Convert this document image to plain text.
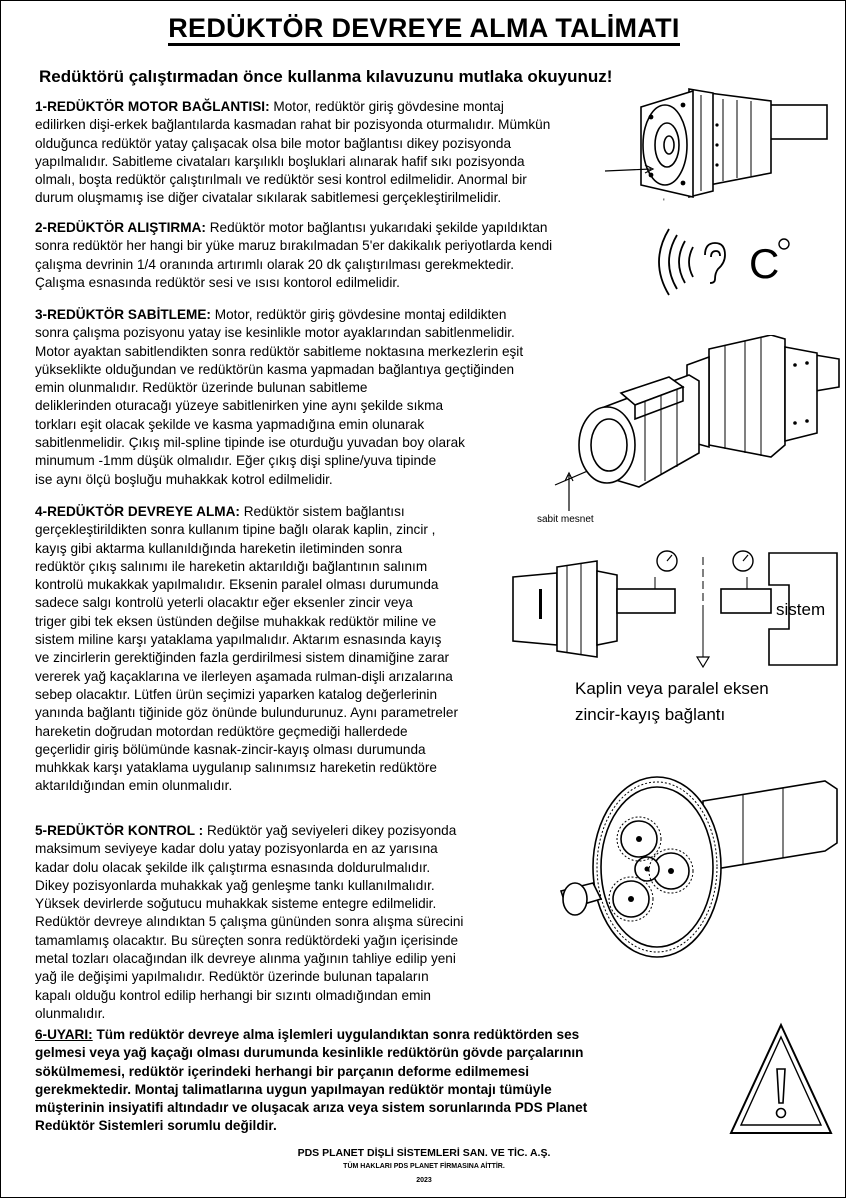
REDÜKTÖR DEVREYE ALMA TALİMATI
Redüktörü çalıştırmadan önce kullanma kılavuzunu mutlaka okuyunuz!

1-REDÜKTÖR MOTOR BAĞLANTISI: Motor, redüktör giriş gövdesine montaj

edilirken dişi-erkek bağlantılarda kasmadan rahat bir pozisyonda oturmalıdır. Mümkün

olduğunca redüktör yatay çalışacak olsa bile motor bağlantısı dikey pozisyonda

yapılmalıdır. Sabitleme civataları karşılıklı boşluklari alınarak hafif sıkı pozisyonda

olmalı, boşta redüktör çalıştırılmalı ve redüktör sesi kontrol edilmelidir. Anormal bir

durum oluşmamış ise diğer civatalar sıkılarak sabitlemesi gerçekleştirilmelidir.

2-REDÜKTÖR ALIŞTIRMA: Redüktör motor bağlantısı yukarıdaki şekilde yapıldıktan

sonra redüktör her hangi bir yüke maruz bırakılmadan 5'er dakikalık periyotlarda kendi

çalışma devrinin 1/4 oranında artırımlı olarak 20 dk çalıştırılması gerekmektedir.

Çalışma esnasında redüktör sesi ve ısısı kontorol edilmelidir.

3-REDÜKTÖR SABİTLEME: Motor, redüktör giriş gövdesine montaj edildikten

sonra çalışma pozisyonu yatay ise kesinlikle motor ayaklarından sabitlenmelidir.

Motor ayaktan sabitlendikten sonra redüktör sabitleme noktasına merkezlerin eşit

yükseklikte olduğundan ve redüktörün kasma yapmadan bağlantıya geçtiğinden

emin olunmalıdır. Redüktör üzerinde bulunan sabitleme

deliklerinden oturacağı yüzeye sabitlenirken yine aynı şekilde sıkma

torkları eşit olacak şekilde ve kasma yapmadığına emin olunarak

sabitlenmelidir. Çıkış mil-spline tipinde ise oturduğu yuvadan boy olarak

minumum -1mm düşük olmalıdır. Eğer çıkış dişi spline/yuva tipinde

ise aynı ölçü boşluğu muhakkak kotrol edilmelidir.

4-REDÜKTÖR DEVREYE ALMA: Redüktör sistem bağlantısı

gerçekleştirildikten sonra kullanım tipine bağlı olarak kaplin, zincir ,

kayış gibi aktarma kullanıldığında hareketin iletiminden sonra

redüktör çıkış salınımı ile hareketin aktarıldığı bağlantının salınım

kontrolü mukakkak yapılmalıdır. Eksenin paralel olması durumunda

sadece salgı kontrolü yeterli olacaktır eğer eksenler zincir veya

triger gibi tek eksen üstünden değilse muhakkak redüktör miline ve

sistem miline karşı yataklama yapılmalıdır. Aktarım esnasında kayış

ve zincirlerin gerektiğinden fazla gerdirilmesi sistem dinamiğine zarar

vererek yağ kaçaklarına ve ilerleyen aşamada rulman-dişli arızalarına

sebep olacaktır. Lütfen ürün seçimizi yaparken katalog değerlerinin

yanında bağlantı tiğinide göz önünde bulundurunuz. Aynı parametreler

hareketin doğrudan motordan redüktöre geçmediği hallerdede

geçerlidir giriş bölümünde kasnak-zincir-kayış olması durumunda

muhkkak karşı yataklama uygulanıp salınımsız hareketin redüktöre

aktarıldığından emin olunmalıdır.

5-REDÜKTÖR KONTROL : Redüktör yağ seviyeleri dikey pozisyonda

maksimum seviyeye kadar dolu yatay pozisyonlarda en az yarısına

kadar dolu olacak şekilde ilk çalıştırma esnasında doldurulmalıdır.

Dikey pozisyonlarda muhakkak yağ genleşme tankı kullanılmalıdır.

Yüksek devirlerde soğutucu muhakkak sisteme entegre edilmelidir.

Redüktör devreye alındıktan 5 çalışma gününden sonra alışma sürecini

tamamlamış olacaktır. Bu süreçten sonra redüktördeki yağın içerisinde

metal tozları olacağından ilk devreye alınma yağının tahliye edilip yeni

yağ ile değişimi yapılmalıdır. Redüktör üzerinde bulunan tapaların

kapalı olduğu kontrol edilip herhangi bir sızıntı olmadığından emin

olunmalıdır.

6-UYARI: Tüm redüktör devreye alma işlemleri uygulandıktan sonra redüktörden ses

gelmesi veya yağ kaçağı olması durumunda kesinlikle redüktörün gövde parçalarının

sökülmemesi, redüktör içerindeki herhangi bir parçanın deforme edilmemesi

gerekmektedir. Montaj talimatlarına uygun yapılmayan redüktör montajı tümüyle

müşterinin insiyatifi altındadır ve oluşacak arıza veya sistem sorunlarında PDS Planet

Redüktör Sistemleri sorumlu değildir.

PDS PLANET DİŞLİ SİSTEMLERİ SAN. VE TİC. A.Ş.
TÜM HAKLARI PDS PLANET FİRMASINA AİTTİR.
2023
'
C
sabit mesnet
sistem
Kaplin veya paralel eksen
zincir-kayış bağlantı
